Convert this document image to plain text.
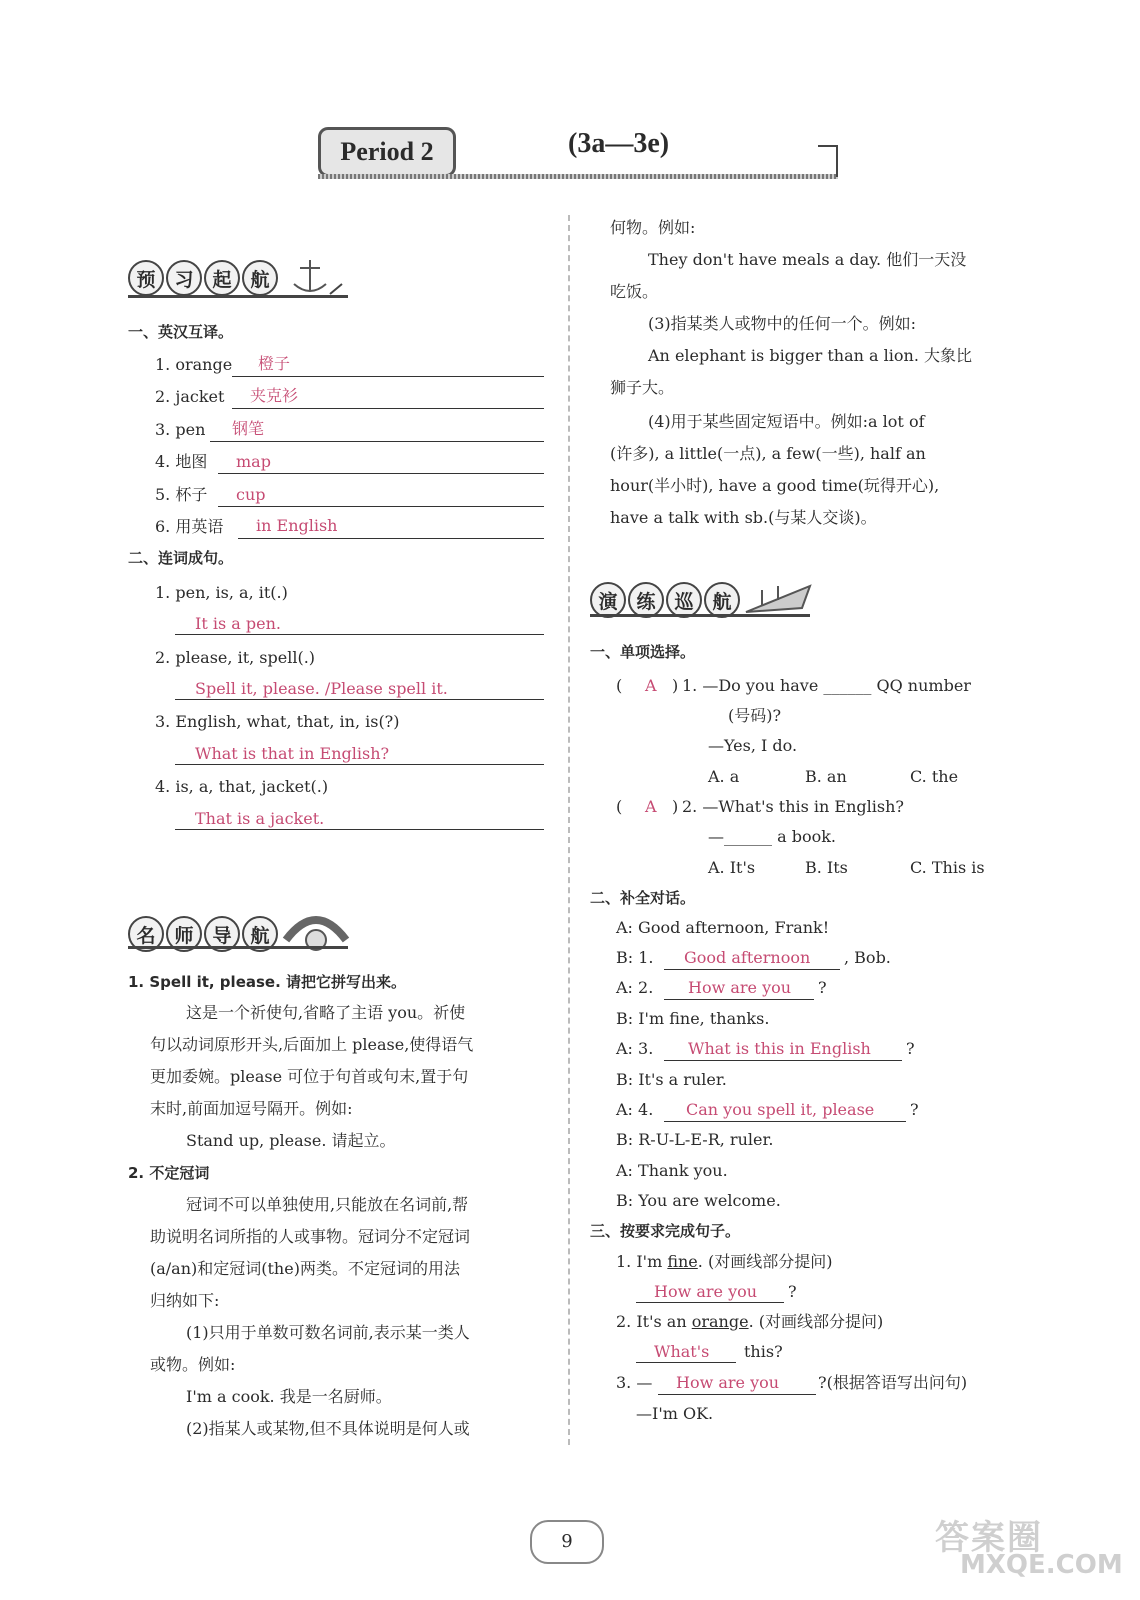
Period 2	(3a—3e)
预 习 起 航
一、英汉互译。
1. orange 橙子
2. jacket 夹克衫
3. pen 钢笔
4. 地图 map
5. 杯子 cup
6. 用英语 in English
二、连词成句。
1. pen, is, a, it(.)
It is a pen.
2. please, it, spell(.)
Spell it, please. /Please spell it.
3. English, what, that, in, is(?)
What is that in English?
4. is, a, that, jacket(.)
That is a jacket.
名 师 导 航
1. Spell it, please. 请把它拼写出来。
这是一个祈使句,省略了主语 you。祈使
句以动词原形开头,后面加上 please,使得语气
更加委婉。please 可位于句首或句末,置于句
末时,前面加逗号隔开。例如:
Stand up, please. 请起立。
2. 不定冠词
冠词不可以单独使用,只能放在名词前,帮
助说明名词所指的人或事物。冠词分不定冠词
(a/an)和定冠词(the)两类。不定冠词的用法
归纳如下:
(1)只用于单数可数名词前,表示某一类人
或物。例如:
I'm a cook. 我是一名厨师。
(2)指某人或某物,但不具体说明是何人或
何物。例如:
They don't have meals a day. 他们一天没
吃饭。
(3)指某类人或物中的任何一个。例如:
An elephant is bigger than a lion. 大象比
狮子大。
(4)用于某些固定短语中。例如:a lot of
(许多), a little(一点), a few(一些), half an
hour(半小时), have a good time(玩得开心),
have a talk with sb.(与某人交谈)。
演 练 巡 航
一、单项选择。
( A ) 1. —Do you have ______ QQ number
(号码)?
—Yes, I do.
A. a	B. an	C. the
( A ) 2. —What's this in English?
—______ a book.
A. It's	B. Its	C. This is
二、补全对话。
A: Good afternoon, Frank!
B: 1. Good afternoon , Bob.
A: 2. How are you ?
B: I'm fine, thanks.
A: 3. What is this in English ?
B: It's a ruler.
A: 4. Can you spell it, please ?
B: R-U-L-E-R, ruler.
A: Thank you.
B: You are welcome.
三、按要求完成句子。
1. I'm fine. (对画线部分提问)
How are you ?
2. It's an orange. (对画线部分提问)
What's this?
3. — How are you ?(根据答语写出问句)
—I'm OK.
9	答案圈
MXQE.COM
